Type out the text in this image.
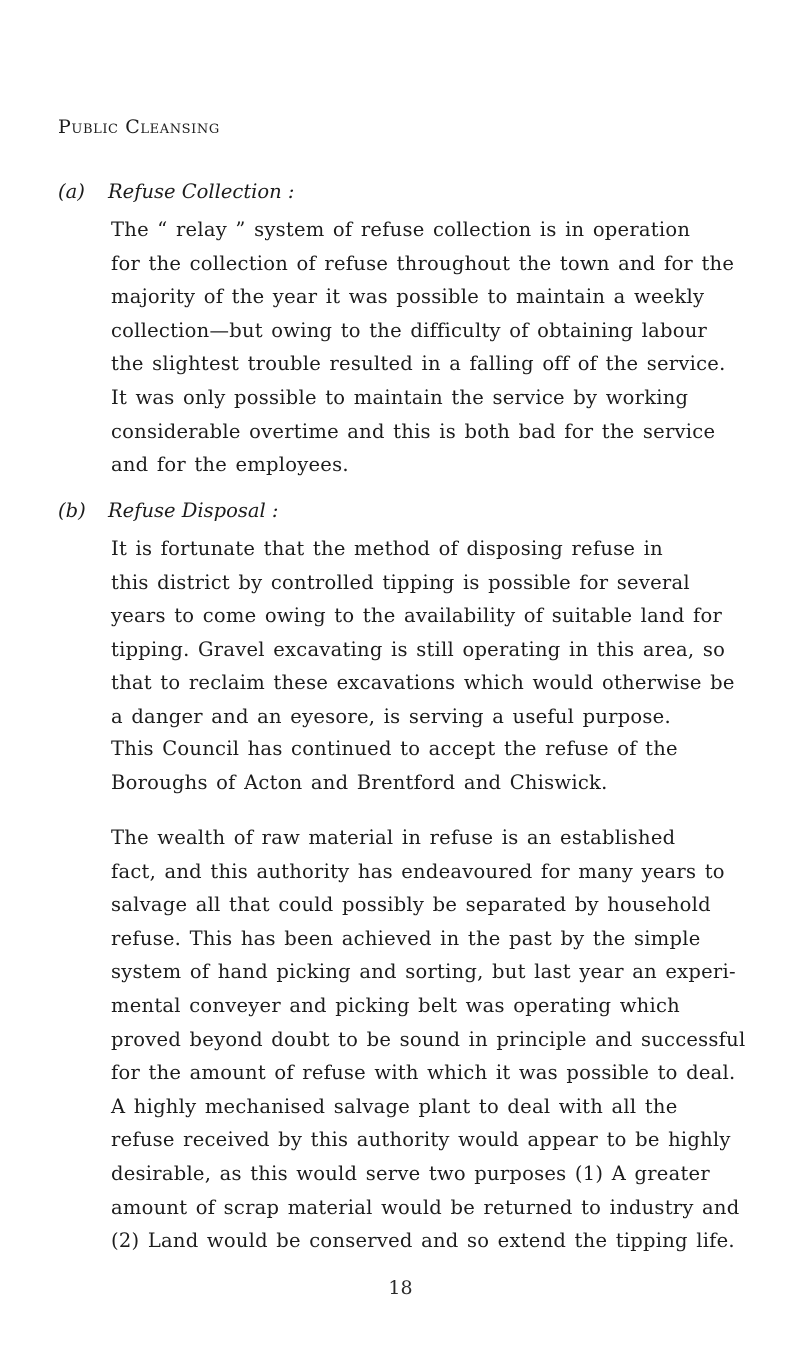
Public Cleansing
(a) Refuse Collection :
The “ relay ” system of refuse collection is in operation
for the collection of refuse throughout the town and for the
majority of the year it was possible to maintain a weekly
collection—but owing to the difficulty of obtaining labour
the slightest trouble resulted in a falling off of the service.
It was only possible to maintain the service by working
considerable overtime and this is both bad for the service
and for the employees.
(b) Refuse Disposal :
It is fortunate that the method of disposing refuse in
this district by controlled tipping is possible for several
years to come owing to the availability of suitable land for
tipping. Gravel excavating is still operating in this area, so
that to reclaim these excavations which would otherwise be
a danger and an eyesore, is serving a useful purpose.
This Council has continued to accept the refuse of the
Boroughs of Acton and Brentford and Chiswick.
The wealth of raw material in refuse is an established
fact, and this authority has endeavoured for many years to
salvage all that could possibly be separated by household
refuse. This has been achieved in the past by the simple
system of hand picking and sorting, but last year an experi-
mental conveyer and picking belt was operating which
proved beyond doubt to be sound in principle and successful
for the amount of refuse with which it was possible to deal.
A highly mechanised salvage plant to deal with all the
refuse received by this authority would appear to be highly
desirable, as this would serve two purposes (1) A greater
amount of scrap material would be returned to industry and
(2) Land would be conserved and so extend the tipping life.
18
